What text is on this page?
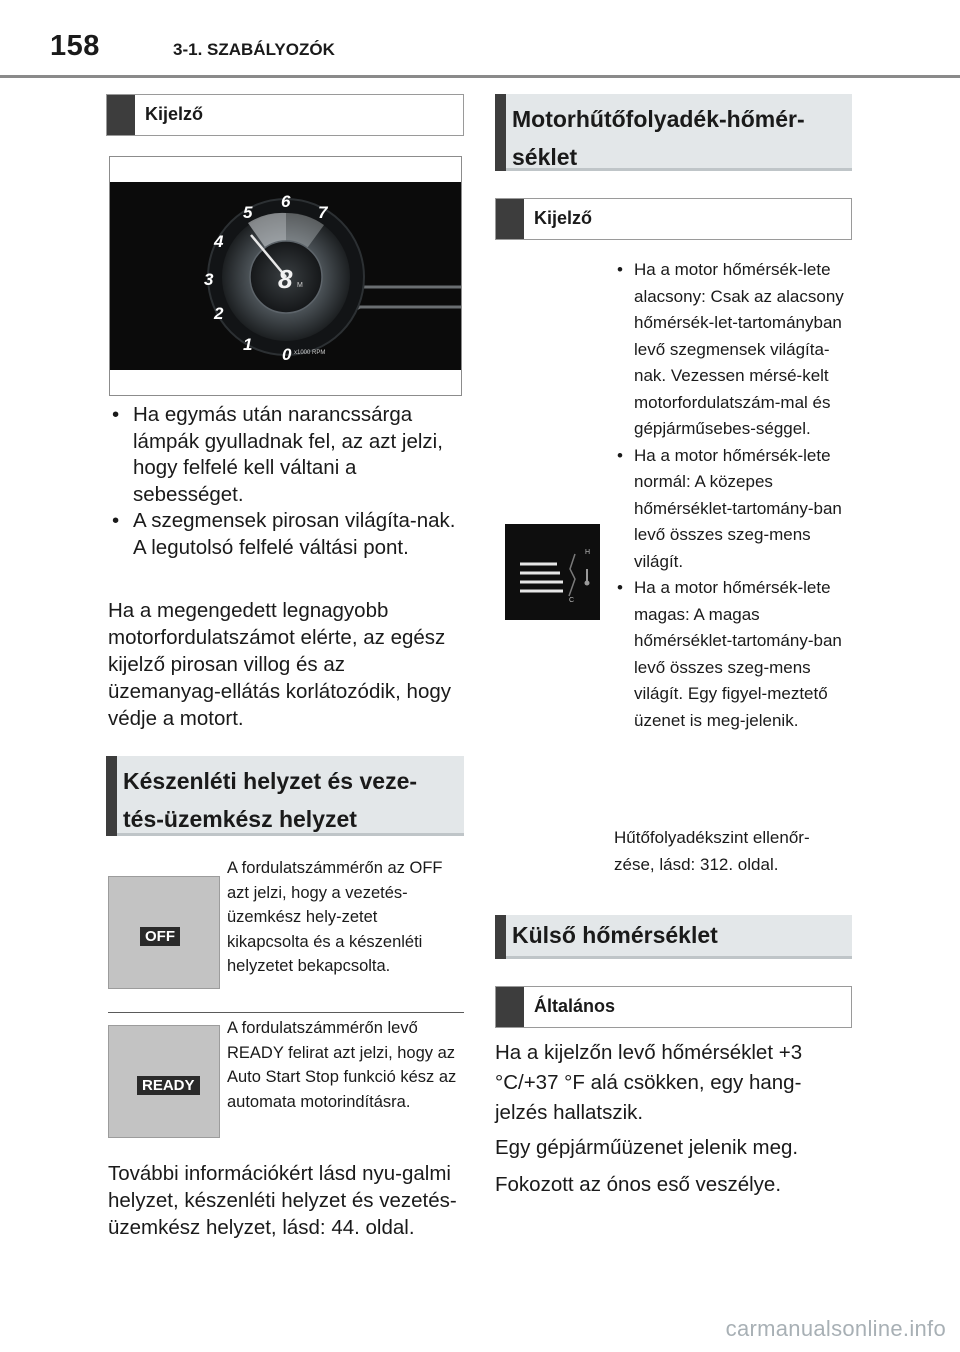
158	3-1. SZABÁLYOZÓK
Kijelző
0
1
2
3
4
5
6
7
8 M
x1000 RPM
• Ha egymás után narancssárga lámpák gyulladnak fel, az azt jelzi, hogy felfelé kell váltani a sebességet.
• A szegmensek pirosan világíta-nak. A legutolsó felfelé váltási pont.
Ha a megengedett legnagyobb motorfordulatszámot elérte, az egész kijelző pirosan villog és az üzemanyag-ellátás korlátozódik, hogy védje a motort.
Készenléti helyzet és veze-tés-üzemkész helyzet
OFF
A fordulatszámmérőn az OFF azt jelzi, hogy a vezetés-üzemkész hely-zetet kikapcsolta és a készenléti helyzetet bekapcsolta.
READY
A fordulatszámmérőn levő READY felirat azt jelzi, hogy az Auto Start Stop funkció kész az automata motorindításra.
További információkért lásd nyu-galmi helyzet, készenléti helyzet és vezetés-üzemkész helyzet, lásd: 44. oldal.
Motorhűtőfolyadék-hőmér-séklet
Kijelző
H
C
• Ha a motor hőmérsék-lete alacsony: Csak az alacsony hőmérsék-let-tartományban levő szegmensek világíta-nak. Vezessen mérsé-kelt motorfordulatszám-mal és gépjárműsebes-séggel.
• Ha a motor hőmérsék-lete normál: A közepes hőmérséklet-tartomány-ban levő összes szeg-mens világít.
• Ha a motor hőmérsék-lete magas: A magas hőmérséklet-tartomány-ban levő összes szeg-mens világít. Egy figyel-meztető üzenet is meg-jelenik.
Hűtőfolyadékszint ellenőr-zése, lásd: 312. oldal.
Külső hőmérséklet
Általános
Ha a kijelzőn levő hőmérséklet +3 °C/+37 °F alá csökken, egy hang-jelzés hallatszik.
Egy gépjárműüzenet jelenik meg.
Fokozott az ónos eső veszélye.
carmanualsonline.info
